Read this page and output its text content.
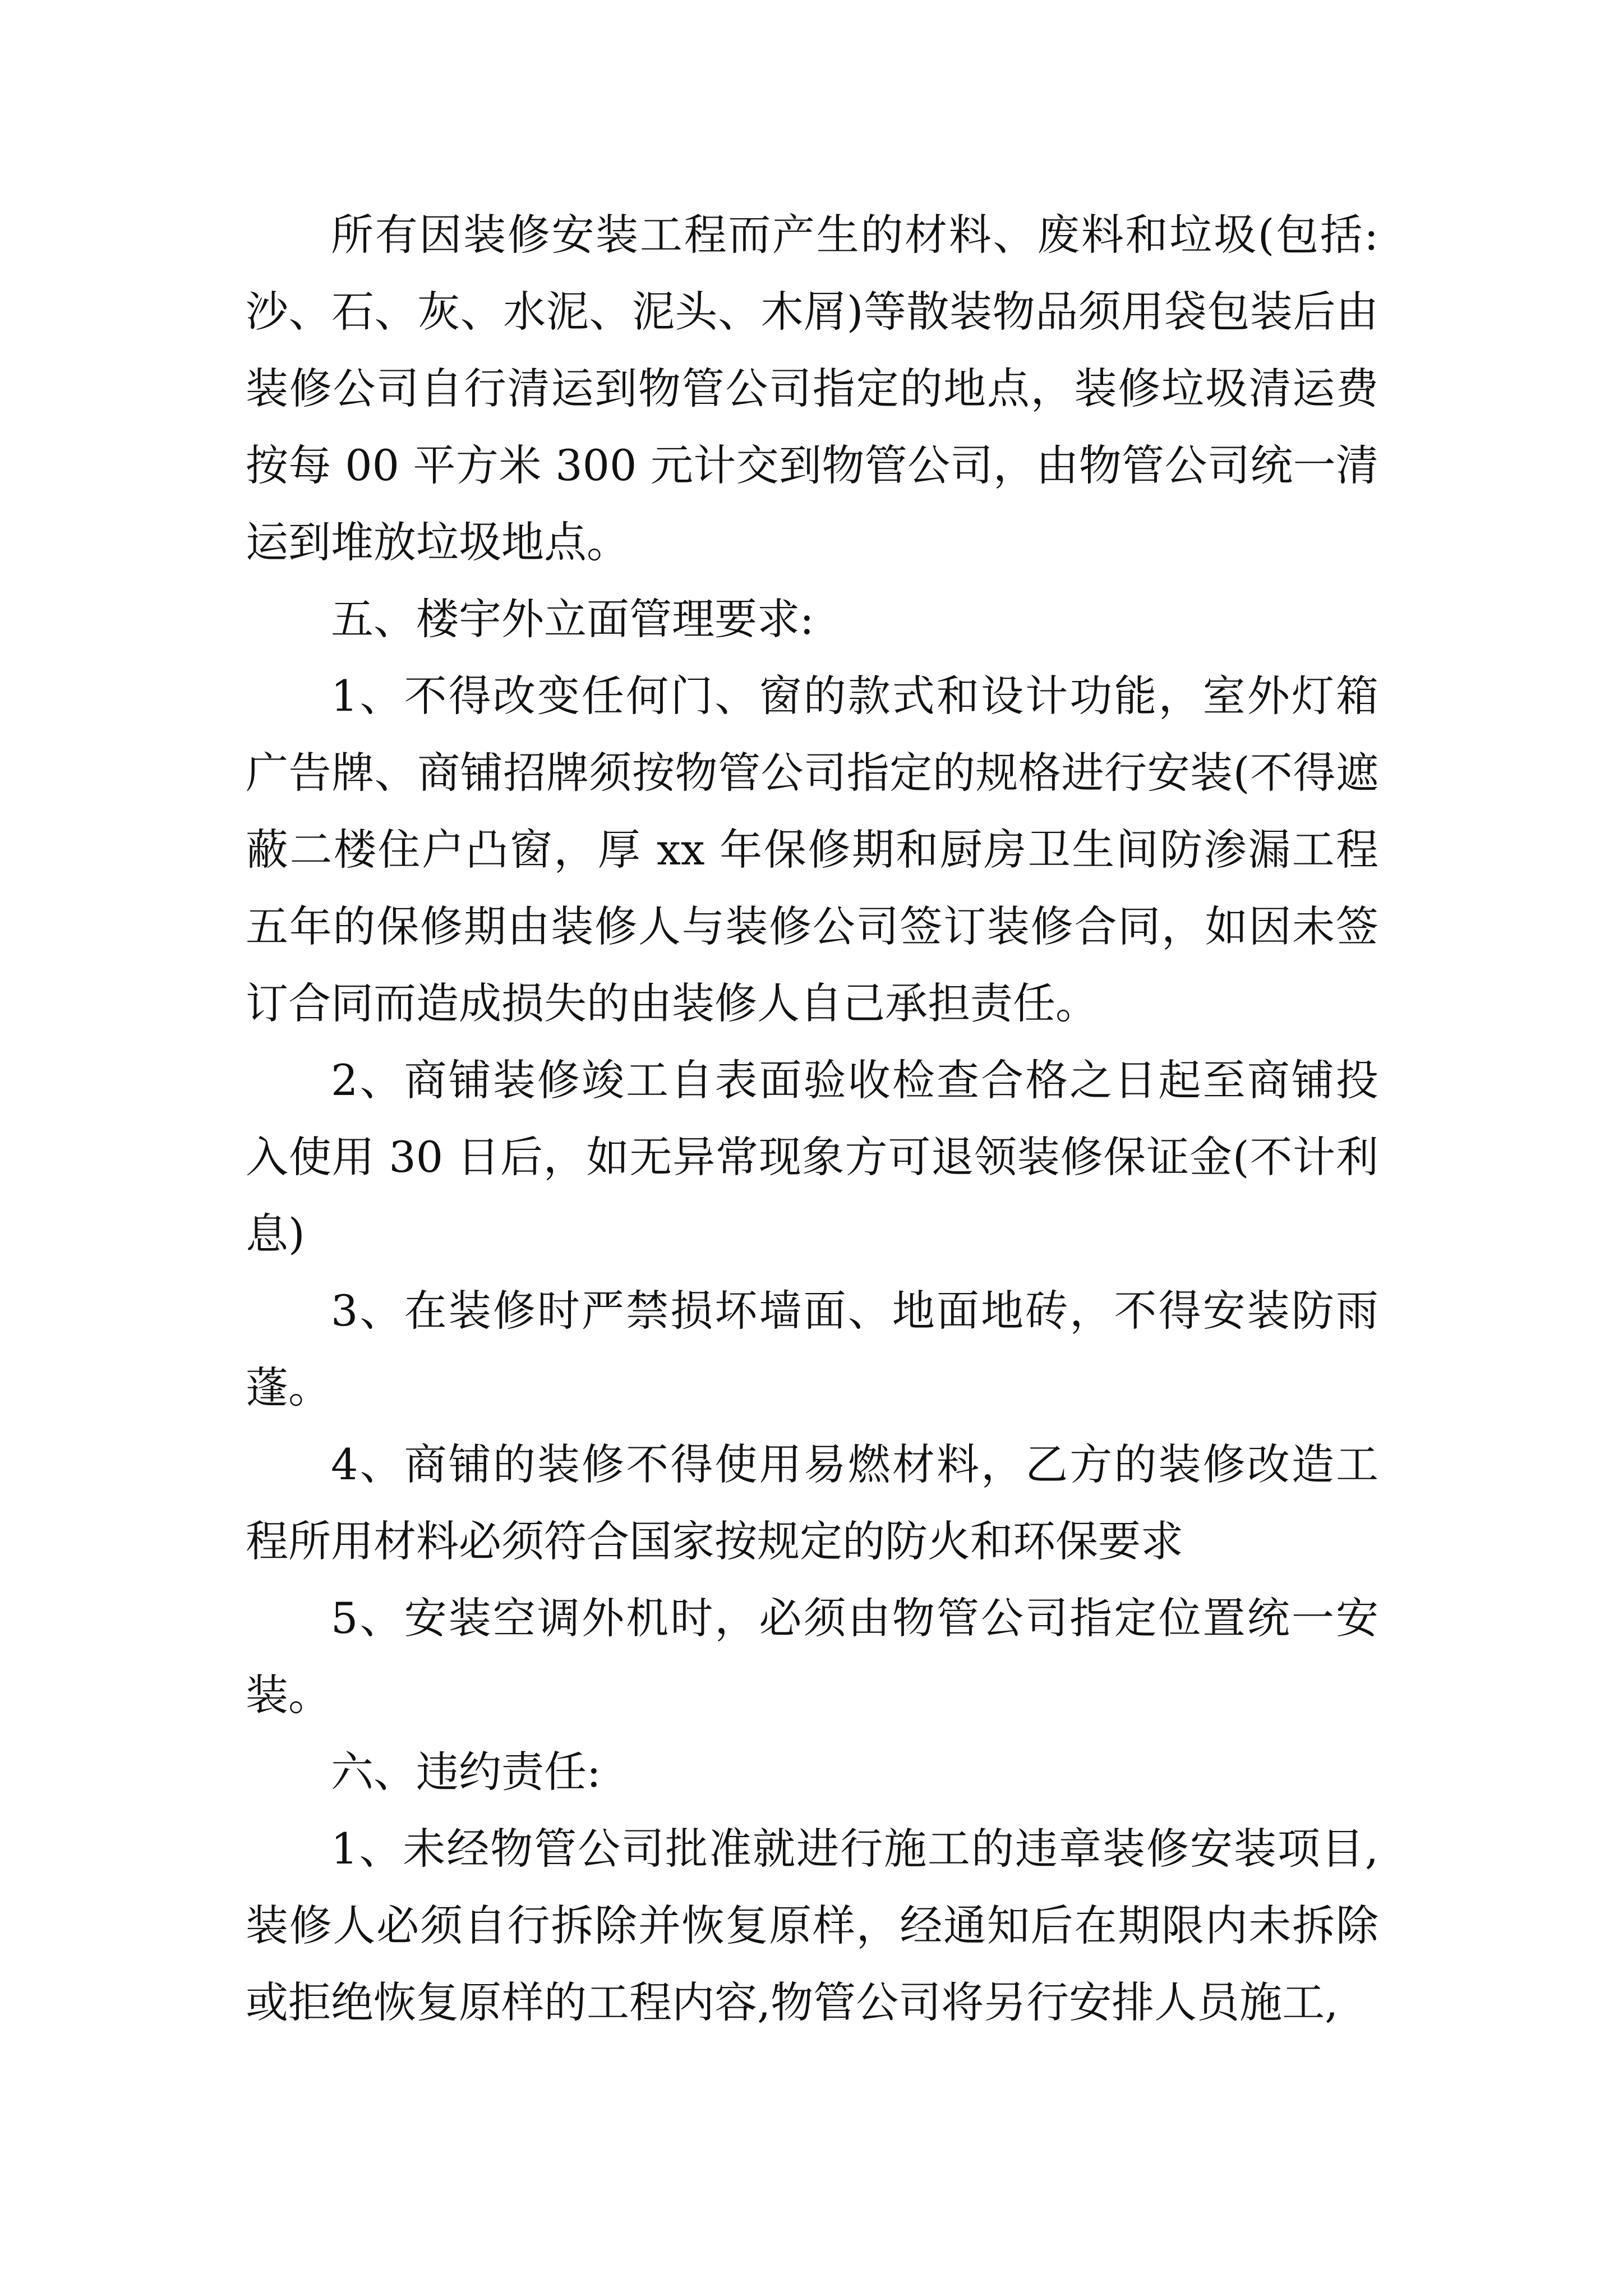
所有因装修安装工程而产生的材料、废料和垃圾(包括:沙、石、灰、水泥、泥头、木屑)等散装物品须用袋包装后由装修公司自行清运到物管公司指定的地点，装修垃圾清运费按每 00 平方米 300 元计交到物管公司，由物管公司统一清运到堆放垃圾地点。

五、楼宇外立面管理要求:

1、不得改变任何门、窗的款式和设计功能，室外灯箱广告牌、商铺招牌须按物管公司指定的规格进行安装(不得遮蔽二楼住户凸窗，厚 xx 年保修期和厨房卫生间防渗漏工程五年的保修期由装修人与装修公司签订装修合同，如因未签订合同而造成损失的由装修人自己承担责任。

2、商铺装修竣工自表面验收检查合格之日起至商铺投入使用 30 日后，如无异常现象方可退领装修保证金(不计利息)

3、在装修时严禁损坏墙面、地面地砖，不得安装防雨蓬。

4、商铺的装修不得使用易燃材料，乙方的装修改造工程所用材料必须符合国家按规定的防火和环保要求

5、安装空调外机时，必须由物管公司指定位置统一安装。

六、违约责任:

1、未经物管公司批准就进行施工的违章装修安装项目,装修人必须自行拆除并恢复原样，经通知后在期限内未拆除或拒绝恢复原样的工程内容,物管公司将另行安排人员施工,
